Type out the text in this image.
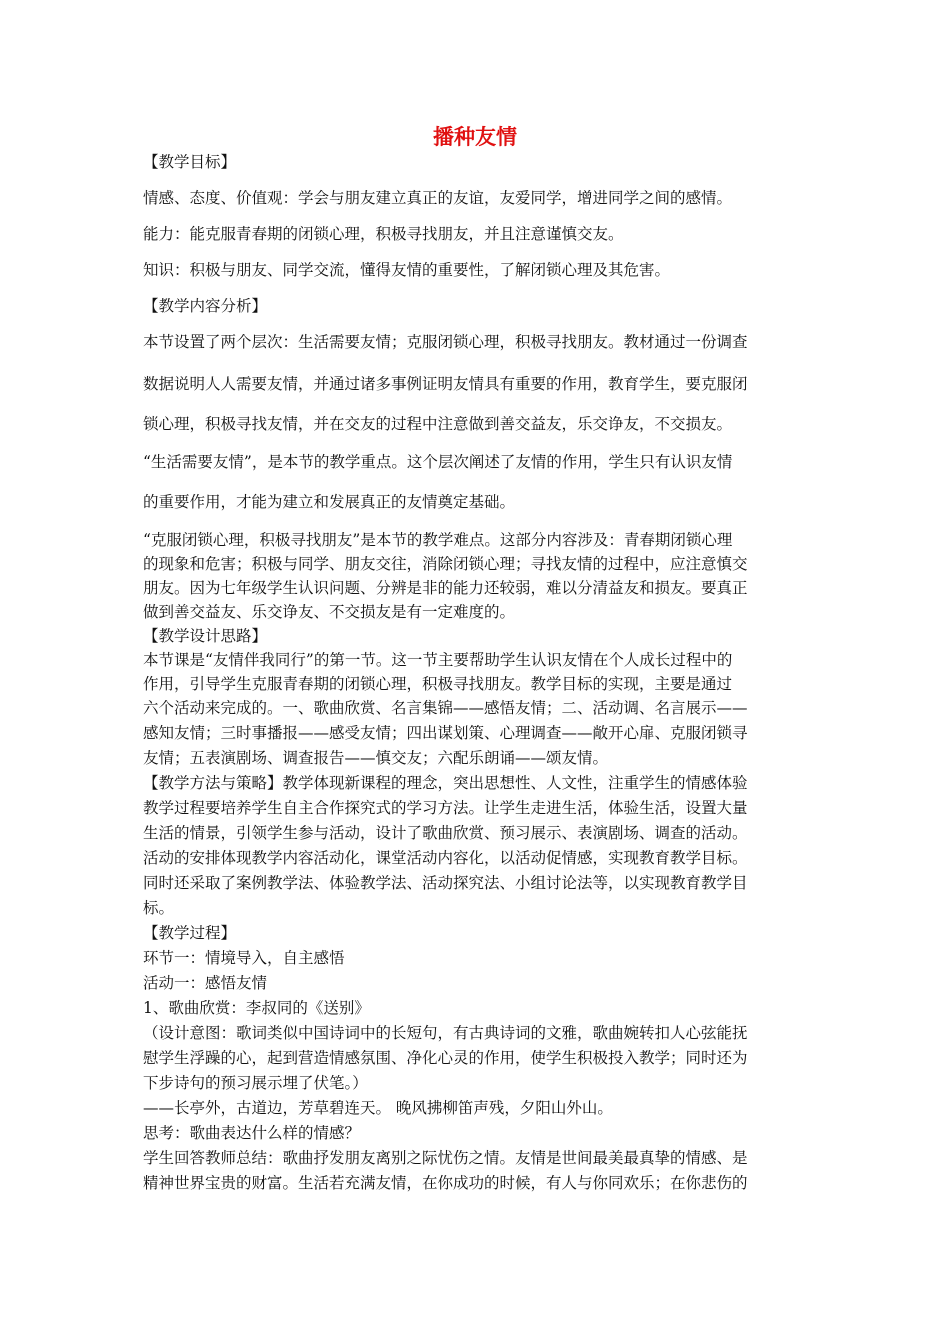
播种友情
【教学目标】
情感、态度、价值观：学会与朋友建立真正的友谊，友爱同学，增进同学之间的感情。
能力：能克服青春期的闭锁心理，积极寻找朋友，并且注意谨慎交友。
知识：积极与朋友、同学交流，懂得友情的重要性，了解闭锁心理及其危害。
【教学内容分析】
本节设置了两个层次：生活需要友情；克服闭锁心理，积极寻找朋友。教材通过一份调查
数据说明人人需要友情，并通过诸多事例证明友情具有重要的作用，教育学生，要克服闭
锁心理，积极寻找友情，并在交友的过程中注意做到善交益友，乐交诤友，不交损友。
“生活需要友情”，是本节的教学重点。这个层次阐述了友情的作用，学生只有认识友情
的重要作用，才能为建立和发展真正的友情奠定基础。
“克服闭锁心理，积极寻找朋友”是本节的教学难点。这部分内容涉及：青春期闭锁心理
的现象和危害；积极与同学、朋友交往，消除闭锁心理；寻找友情的过程中，应注意慎交
朋友。因为七年级学生认识问题、分辨是非的能力还较弱，难以分清益友和损友。要真正
做到善交益友、乐交诤友、不交损友是有一定难度的。
【教学设计思路】
本节课是“友情伴我同行”的第一节。这一节主要帮助学生认识友情在个人成长过程中的
作用，引导学生克服青春期的闭锁心理，积极寻找朋友。教学目标的实现，主要是通过
六个活动来完成的。一、歌曲欣赏、名言集锦——感悟友情；二、活动调、名言展示——
感知友情；三时事播报——感受友情；四出谋划策、心理调查——敞开心扉、克服闭锁寻
友情；五表演剧场、调查报告——慎交友；六配乐朗诵——颂友情。
【教学方法与策略】教学体现新课程的理念，突出思想性、人文性，注重学生的情感体验
教学过程要培养学生自主合作探究式的学习方法。让学生走进生活，体验生活，设置大量
生活的情景，引领学生参与活动，设计了歌曲欣赏、预习展示、表演剧场、调查的活动。
活动的安排体现教学内容活动化，课堂活动内容化，以活动促情感，实现教育教学目标。
同时还采取了案例教学法、体验教学法、活动探究法、小组讨论法等，以实现教育教学目
标。
【教学过程】
环节一：情境导入，自主感悟
活动一：感悟友情
1、歌曲欣赏：李叔同的《送别》
（设计意图：歌词类似中国诗词中的长短句，有古典诗词的文雅，歌曲婉转扣人心弦能抚
慰学生浮躁的心，起到营造情感氛围、净化心灵的作用，使学生积极投入教学；同时还为
下步诗句的预习展示埋了伏笔。）
——长亭外，古道边，芳草碧连天。 晚风拂柳笛声残，夕阳山外山。
思考：歌曲表达什么样的情感？
学生回答教师总结：歌曲抒发朋友离别之际忧伤之情。友情是世间最美最真挚的情感、是
精神世界宝贵的财富。生活若充满友情，在你成功的时候，有人与你同欢乐；在你悲伤的
